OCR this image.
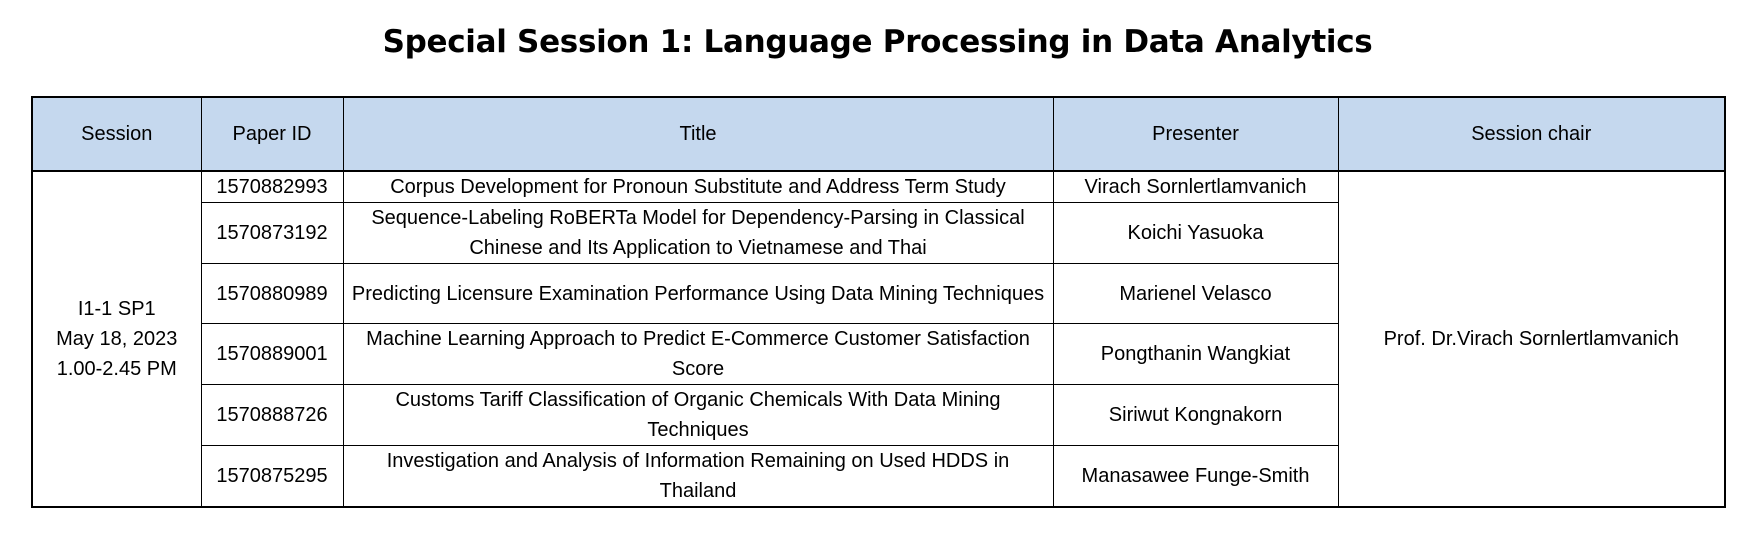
Special Session 1: Language Processing in Data Analytics
Session	Paper ID	Title	Presenter	Session chair

I1-1 SP1
May 18, 2023
1.00-2.45 PM	1570882993	Corpus Development for Pronoun Substitute and Address Term Study	Virach Sornlertlamvanich	Prof. Dr.Virach Sornlertlamvanich
	1570873192	Sequence-Labeling RoBERTa Model for Dependency-Parsing in Classical Chinese and Its Application to Vietnamese and Thai	Koichi Yasuoka	
	1570880989	Predicting Licensure Examination Performance Using Data Mining Techniques	Marienel Velasco	
	1570889001	Machine Learning Approach to Predict E-Commerce Customer Satisfaction Score	Pongthanin Wangkiat	
	1570888726	Customs Tariff Classification of Organic Chemicals With Data Mining Techniques	Siriwut Kongnakorn	
	1570875295	Investigation and Analysis of Information Remaining on Used HDDS in Thailand	Manasawee Funge-Smith	
